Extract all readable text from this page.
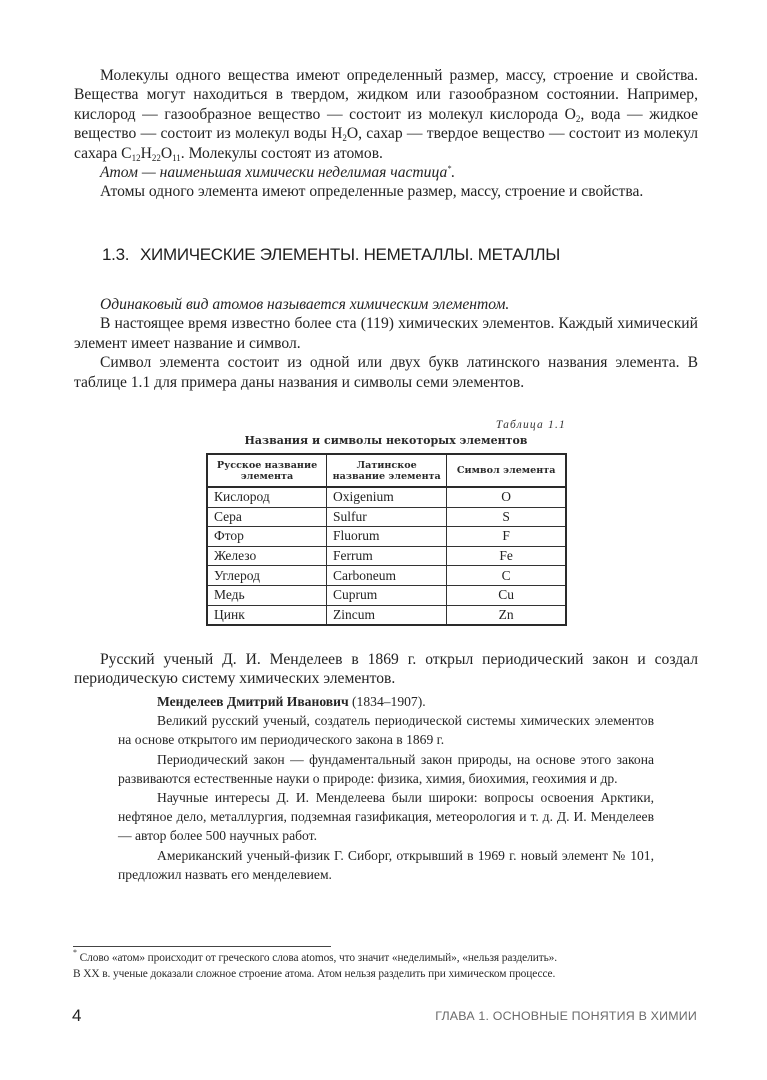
Молекулы одного вещества имеют определенный размер, массу, строение и свойства. Вещества могут находиться в твердом, жидком или газообразном состоянии. Например, кислород — газообразное вещество — состоит из молекул кислорода $O_2$, вода — жидкое вещество — состоит из молекул воды $H_2O$, сахар — твердое вещество — состоит из молекул сахара $C_{12}H_{22}O_{11}$. Молекулы состоят из атомов.

Атом — наименьшая химически неделимая частица*.

Атомы одного элемента имеют определенные размер, массу, строение и свойства.

1.3. ХИМИЧЕСКИЕ ЭЛЕМЕНТЫ. НЕМЕТАЛЛЫ. МЕТАЛЛЫ

Одинаковый вид атомов называется химическим элементом.

В настоящее время известно более ста (119) химических элементов. Каждый химический элемент имеет название и символ.

Символ элемента состоит из одной или двух букв латинского названия элемента. В таблице 1.1 для примера даны названия и символы семи элементов.

Таблица 1.1
Названия и символы некоторых элементов
Русское название элемента	Латинское название элемента	Символ элемента
Кислород	Oxigenium	O
Сера	Sulfur	S
Фтор	Fluorum	F
Железо	Ferrum	Fe
Углерод	Carboneum	C
Медь	Cuprum	Cu
Цинк	Zincum	Zn

Русский ученый Д. И. Менделеев в 1869 г. открыл периодический закон и создал периодическую систему химических элементов.

Менделеев Дмитрий Иванович (1834–1907).

Великий русский ученый, создатель периодической системы химических элементов на основе открытого им периодического закона в 1869 г.

Периодический закон — фундаментальный закон природы, на основе этого закона развиваются естественные науки о природе: физика, химия, биохимия, геохимия и др.

Научные интересы Д. И. Менделеева были широки: вопросы освоения Арктики, нефтяное дело, металлургия, подземная газификация, метеорология и т. д. Д. И. Менделеев — автор более 500 научных работ.

Американский ученый-физик Г. Сиборг, открывший в 1969 г. новый элемент № 101, предложил назвать его менделевием.

* Слово «атом» происходит от греческого слова atomos, что значит «неделимый», «нельзя разделить».

В XX в. ученые доказали сложное строение атома. Атом нельзя разделить при химическом процессе.

4	ГЛАВА 1. ОСНОВНЫЕ ПОНЯТИЯ В ХИМИИ
